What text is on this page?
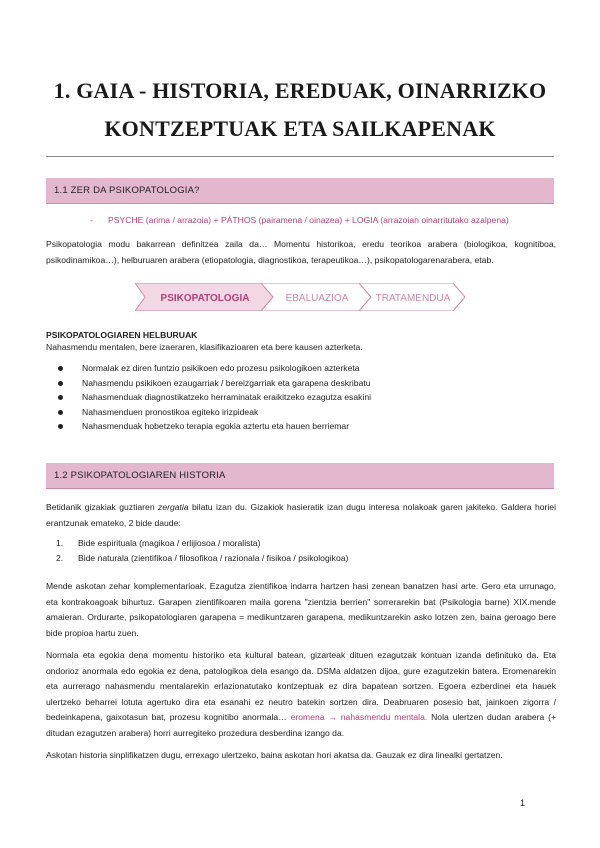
1. GAIA - HISTORIA, EREDUAK, OINARRIZKO
KONTZEPTUAK ETA SAILKAPENAK
1.1 ZER DA PSIKOPATOLOGIA?
- PSYCHE (arima / arrazoia) + PÁTHOS (pairamena / oinazea) + LOGIA (arrazoian oinarritutako azalpena)

Psikopatologia modu bakarrean definitzea zaila da… Momentu historikoa, eredu teorikoa arabera (biologikoa, kognitiboa, psikodinamikoa…), helburuaren arabera (etiopatologia, diagnostikoa, terapeutikoa…), psikopatologarenarabera, etab.

PSIKOPATOLOGIA	EBALUAZIOA	TRATAMENDUA
PSIKOPATOLOGIAREN HELBURUAK
Nahasmendu mentalen, bere izaeraren, klasifikazioaren eta bere kausen azterketa.
Normalak ez diren funtzio psikikoen edo prozesu psikologikoen azterketa
Nahasmendu psikikoen ezaugarriak / bereizgarriak eta garapena deskribatu
Nahasmenduak diagnostikatzeko herraminatak eraikitzeko ezagutza esakini
Nahasmenduen pronostikoa egiteko irizpideak
Nahasmenduak hobetzeko terapia egokia aztertu eta hauen berriemar
1.2 PSIKOPATOLOGIAREN HISTORIA

Betidanik gizakiak guztiaren zergatia bilatu izan du. Gizakiok hasieratik izan dugu interesa nolakoak garen jakiteko. Galdera horiei erantzunak emateko, 2 bide daude:

1. Bide espirituala (magikoa / erlijiosoa / moralista)
2. Bide naturala (zientifikoa / filosofikoa / razionala / fisikoa / psikologikoa)

Mende askotan zehar komplementarioak. Ezagutza zientifikoa indarra hartzen hasi zenean banatzen hasi arte. Gero eta urrunago, eta kontrakoagoak bihurtuz. Garapen zientifikoaren maila gorena "zientzia berrien" sorrerarekin bat (Psikologia barne) XIX.mende amaieran. Ordurarte, psikopatologiaren garapena = medikuntzaren garapena, medikuntzarekin asko lotzen zen, baina geroago bere bide propioa hartu zuen.

Normala eta egokia dena momentu historiko eta kultural batean, gizarteak dituen ezagutzak kontuan izanda definituko da. Eta ondorioz anormala edo egokia ez dena, patologikoa dela esango da. DSMa aldatzen dijoa, gure ezagutzekin batera. Eromenarekin eta aurrerago nahasmendu mentalarekin erlazionatutako kontzeptuak ez dira bapatean sortzen. Egoera ezberdinei eta hauek ulertzeko beharrei lotuta agertuko dira eta esanahi ez neutro batekin sortzen dira. Deabruaren posesio bat, jainkoen zigorra / bedeinkapena, gaixotasun bat, prozesu kognitibo anormala… eromena → nahasmendu mentala. Nola ulertzen dudan arabera (+ ditudan ezagutzen arabera) horri aurregiteko prozedura desberdina izango da.

Askotan historia sinplifikatzen dugu, errexago ulertzeko, baina askotan hori akatsa da. Gauzak ez dira linealki gertatzen.

1
